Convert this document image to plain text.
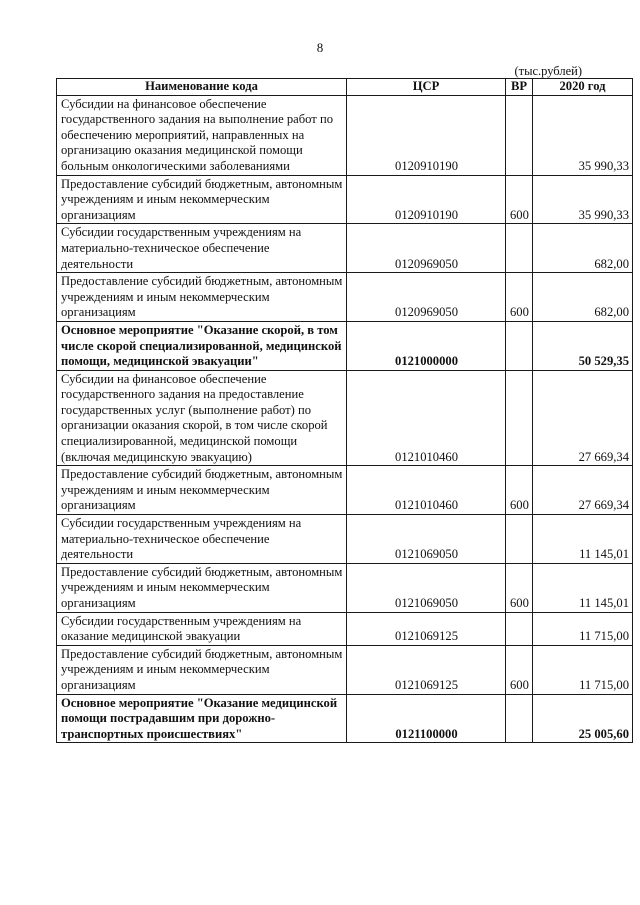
8
(тыс.рублей)
Наименование кода	ЦСР	ВР	2020 год
Субсидии на финансовое обеспечение государственного задания на выполнение работ по обеспечению мероприятий, направленных на организацию оказания медицинской помощи больным онкологическими заболеваниями	0120910190		35 990,33
Предоставление субсидий бюджетным, автономным учреждениям и иным некоммерческим организациям	0120910190	600	35 990,33
Субсидии государственным учреждениям на материально-техническое обеспечение деятельности	0120969050		682,00
Предоставление субсидий бюджетным, автономным учреждениям и иным некоммерческим организациям	0120969050	600	682,00
Основное мероприятие "Оказание скорой, в том числе скорой специализированной, медицинской помощи, медицинской эвакуации"	0121000000		50 529,35
Субсидии на финансовое обеспечение государственного задания на предоставление государственных услуг (выполнение работ) по организации оказания скорой, в том числе скорой специализированной, медицинской помощи (включая медицинскую эвакуацию)	0121010460		27 669,34
Предоставление субсидий бюджетным, автономным учреждениям и иным некоммерческим организациям	0121010460	600	27 669,34
Субсидии государственным учреждениям на материально-техническое обеспечение деятельности	0121069050		11 145,01
Предоставление субсидий бюджетным, автономным учреждениям и иным некоммерческим организациям	0121069050	600	11 145,01
Субсидии государственным учреждениям на оказание медицинской эвакуации	0121069125		11 715,00
Предоставление субсидий бюджетным, автономным учреждениям и иным некоммерческим организациям	0121069125	600	11 715,00
Основное мероприятие "Оказание медицинской помощи пострадавшим при дорожно-транспортных происшествиях"	0121100000		25 005,60
